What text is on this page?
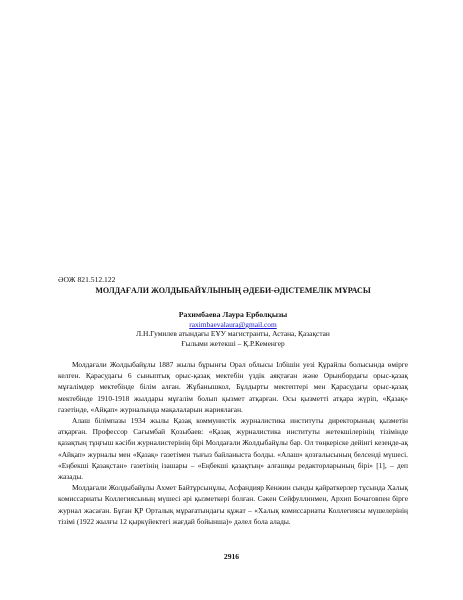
ӘОЖ 821.512.122

МОЛДАҒАЛИ ЖОЛДЫБАЙҰЛЫНЫҢ ӘДЕБИ-ӘДІСТЕМЕЛІК МҰРАСЫ

Рахимбаева Лаура Ерболқызы

raximbaevalaura@gmail.com

Л.Н.Гумилев атындағы ЕҰУ магистранты, Астана, Қазақстан

Ғылыми жетекші – Қ.Р.Кеменгер

Молдағали Жолдыбайұлы 1887 жылы бұрынғы Орал облысы Ілбішін уезі Құрайлы болысында өмірге келген. Қарасудағы 6 сыныптық орыс-қазақ мектебін үздік аяқтаған және Орынбордағы орыс-қазақ мұғалімдер мектебінде білім алған. Жұбанышкол, Бұлдырты мектептері мен Қарасудағы орыс-қазақ мектебінде 1910-1918 жылдары мұғалім болып қызмет атқарған. Осы қызметті атқара жүріп, «Қазақ» газетінде, «Айқап» журналында мақалаларын жариялаған.

Алаш білімпазы 1934 жылы Қазақ коммунистік журналистика институты директорының қызметін атқарған. Профессор Сағымбай Қозыбаев: «Қазақ журналистика институты жетекшілерінің тізімінде қазақтың тұңғыш кәсіби журналистерінің бірі Молдағали Жолдыбайұлы бар. Ол төңкеріске дейінгі кезеңде-ақ «Айқап» журналы мен «Қазақ» газетімен тығыз байланыста болды. «Алаш» қозғалысының белсенді мүшесі. «Еңбекші Қазақстан» газетінің ізашары – «Еңбекші қазақтың» алғашқы редакторларының бірі» [1], – деп жазады.

Молдағали Жолдыбайұлы Ахмет Байтұрсынұлы, Асфандияр Кенжин сынды қайраткерлер тұсында Халық комиссариаты Коллегиясының мүшесі әрі қызметкері болған. Сәкен Сейфуллинмен, Архип Бочаговпен бірге журнал жасаған. Бұған ҚР Орталық мұрағатындағы құжат – «Халық комиссариаты Коллегиясы мүшелерінің тізімі (1922 жылғы 12 қыркүйектегі жағдай бойынша)» дәлел бола алады.

2916
